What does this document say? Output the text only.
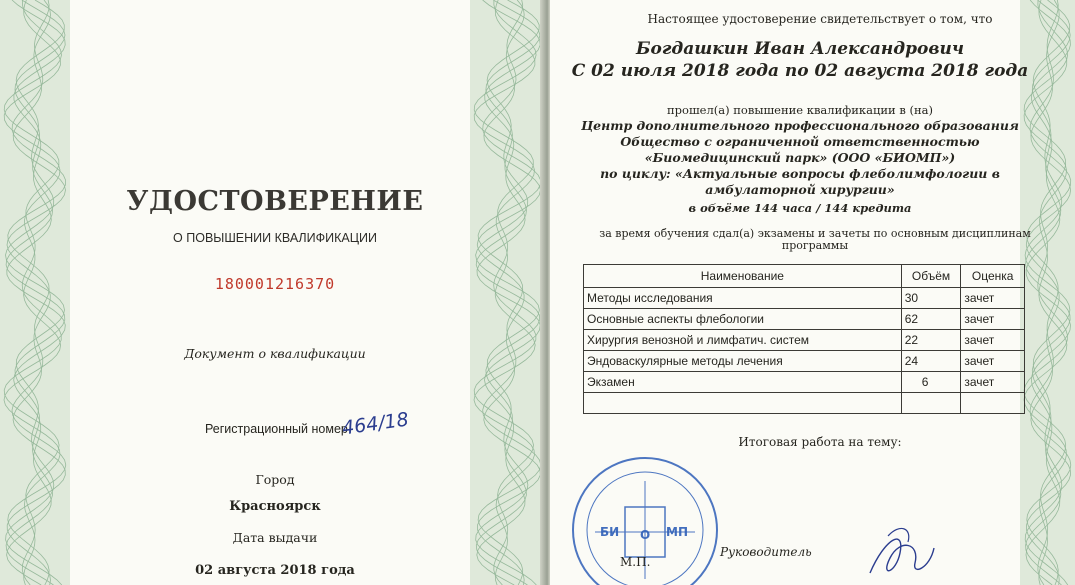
УДОСТОВЕРЕНИЕ
О ПОВЫШЕНИИ КВАЛИФИКАЦИИ
180001216370
Документ о квалификации
Регистрационный номер
464/18
Город
Красноярск
Дата выдачи
02 августа 2018 года
Настоящее удостоверение свидетельствует о том, что
Богдашкин Иван Александрович
С 02 июля 2018 года по 02 августа 2018 года
прошел(а) повышение квалификации в (на)
Центр дополнительного профессионального образования
Общество с ограниченной ответственностью
«Биомедицинский парк» (ООО «БИОМП»)
по циклу: «Актуальные вопросы флеболимфологии в
амбулаторной хирургии»
в объёме 144 часа / 144 кредита
за время обучения сдал(а) экзамены и зачеты по основным дисциплинам программы
Наименование	Объём	Оценка
Методы исследования	30	зачет
Основные аспекты флебологии	62	зачет
Хирургия венозной и лимфатич. систем	22	зачет
Эндоваскулярные методы лечения	24	зачет
Экзамен	6	зачет

Итоговая работа на тему:
БИ О МП
М.П.
Руководитель
